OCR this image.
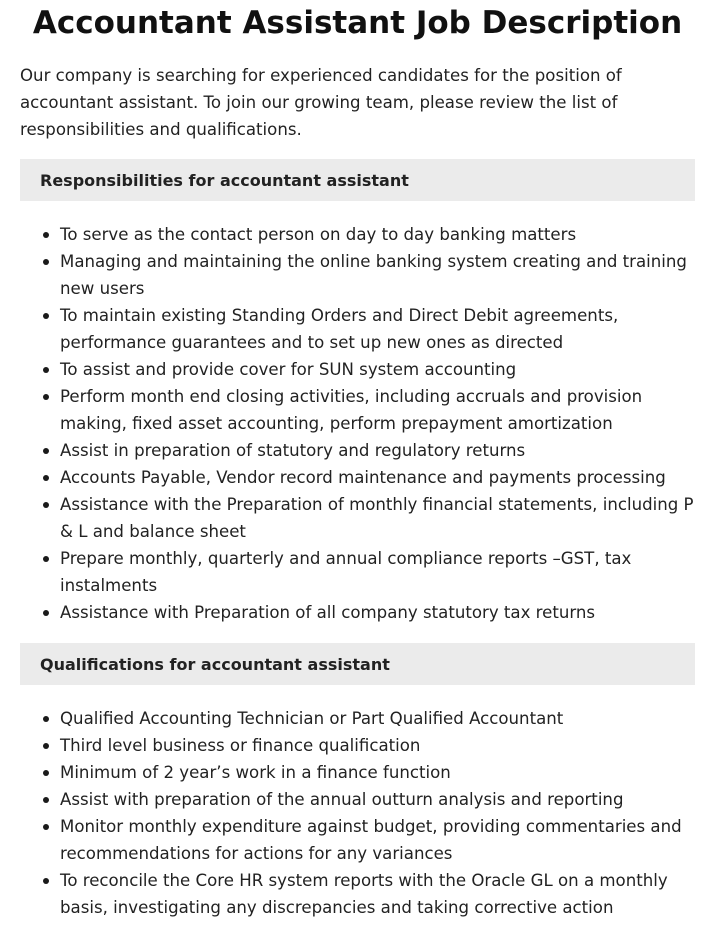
Accountant Assistant Job Description

Our company is searching for experienced candidates for the position of accountant assistant. To join our growing team, please review the list of responsibilities and qualifications.

Responsibilities for accountant assistant
To serve as the contact person on day to day banking matters
Managing and maintaining the online banking system creating and training new users
To maintain existing Standing Orders and Direct Debit agreements, performance guarantees and to set up new ones as directed
To assist and provide cover for SUN system accounting
Perform month end closing activities, including accruals and provision making, fixed asset accounting, perform prepayment amortization
Assist in preparation of statutory and regulatory returns
Accounts Payable, Vendor record maintenance and payments processing
Assistance with the Preparation of monthly financial statements, including P & L and balance sheet
Prepare monthly, quarterly and annual compliance reports –GST, tax instalments
Assistance with Preparation of all company statutory tax returns
Qualifications for accountant assistant
Qualified Accounting Technician or Part Qualified Accountant
Third level business or finance qualification
Minimum of 2 year’s work in a finance function
Assist with preparation of the annual outturn analysis and reporting
Monitor monthly expenditure against budget, providing commentaries and recommendations for actions for any variances
To reconcile the Core HR system reports with the Oracle GL on a monthly basis, investigating any discrepancies and taking corrective action
